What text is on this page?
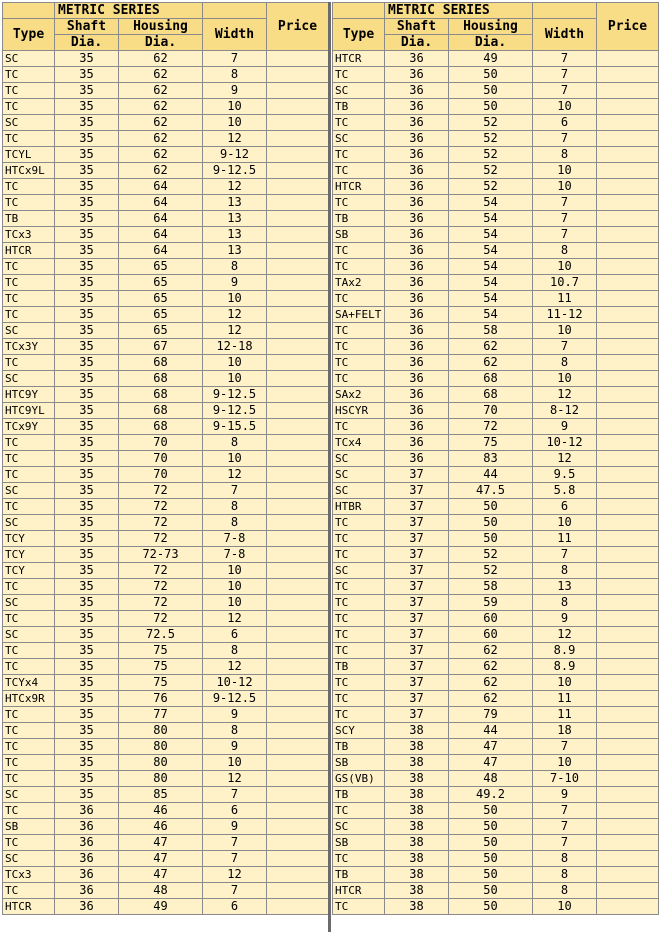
	METRIC SERIES			Price
Type	Shaft	Housing	Width	
	Dia.	Dia.		
SC	35	62	7	
TC	35	62	8	
TC	35	62	9	
TC	35	62	10	
SC	35	62	10	
TC	35	62	12	
TCYL	35	62	9-12	
HTCx9L	35	62	9-12.5	
TC	35	64	12	
TC	35	64	13	
TB	35	64	13	
TCx3	35	64	13	
HTCR	35	64	13	
TC	35	65	8	
TC	35	65	9	
TC	35	65	10	
TC	35	65	12	
SC	35	65	12	
TCx3Y	35	67	12-18	
TC	35	68	10	
SC	35	68	10	
HTC9Y	35	68	9-12.5	
HTC9YL	35	68	9-12.5	
TCx9Y	35	68	9-15.5	
TC	35	70	8	
TC	35	70	10	
TC	35	70	12	
SC	35	72	7	
TC	35	72	8	
SC	35	72	8	
TCY	35	72	7-8	
TCY	35	72-73	7-8	
TCY	35	72	10	
TC	35	72	10	
SC	35	72	10	
TC	35	72	12	
SC	35	72.5	6	
TC	35	75	8	
TC	35	75	12	
TCYx4	35	75	10-12	
HTCx9R	35	76	9-12.5	
TC	35	77	9	
TC	35	80	8	
TC	35	80	9	
TC	35	80	10	
TC	35	80	12	
SC	35	85	7	
TC	36	46	6	
SB	36	46	9	
TC	36	47	7	
SC	36	47	7	
TCx3	36	47	12	
TC	36	48	7	
HTCR	36	49	6	
	METRIC SERIES			Price
Type	Shaft	Housing	Width	
	Dia.	Dia.		
HTCR	36	49	7	
TC	36	50	7	
SC	36	50	7	
TB	36	50	10	
TC	36	52	6	
SC	36	52	7	
TC	36	52	8	
TC	36	52	10	
HTCR	36	52	10	
TC	36	54	7	
TB	36	54	7	
SB	36	54	7	
TC	36	54	8	
TC	36	54	10	
TAx2	36	54	10.7	
TC	36	54	11	
SA+FELT	36	54	11-12	
TC	36	58	10	
TC	36	62	7	
TC	36	62	8	
TC	36	68	10	
SAx2	36	68	12	
HSCYR	36	70	8-12	
TC	36	72	9	
TCx4	36	75	10-12	
SC	36	83	12	
SC	37	44	9.5	
SC	37	47.5	5.8	
HTBR	37	50	6	
TC	37	50	10	
TC	37	50	11	
TC	37	52	7	
SC	37	52	8	
TC	37	58	13	
TC	37	59	8	
TC	37	60	9	
TC	37	60	12	
TC	37	62	8.9	
TB	37	62	8.9	
TC	37	62	10	
TC	37	62	11	
TC	37	79	11	
SCY	38	44	18	
TB	38	47	7	
SB	38	47	10	
GS(VB)	38	48	7-10	
TB	38	49.2	9	
TC	38	50	7	
SC	38	50	7	
SB	38	50	7	
TC	38	50	8	
TB	38	50	8	
HTCR	38	50	8	
TC	38	50	10	
